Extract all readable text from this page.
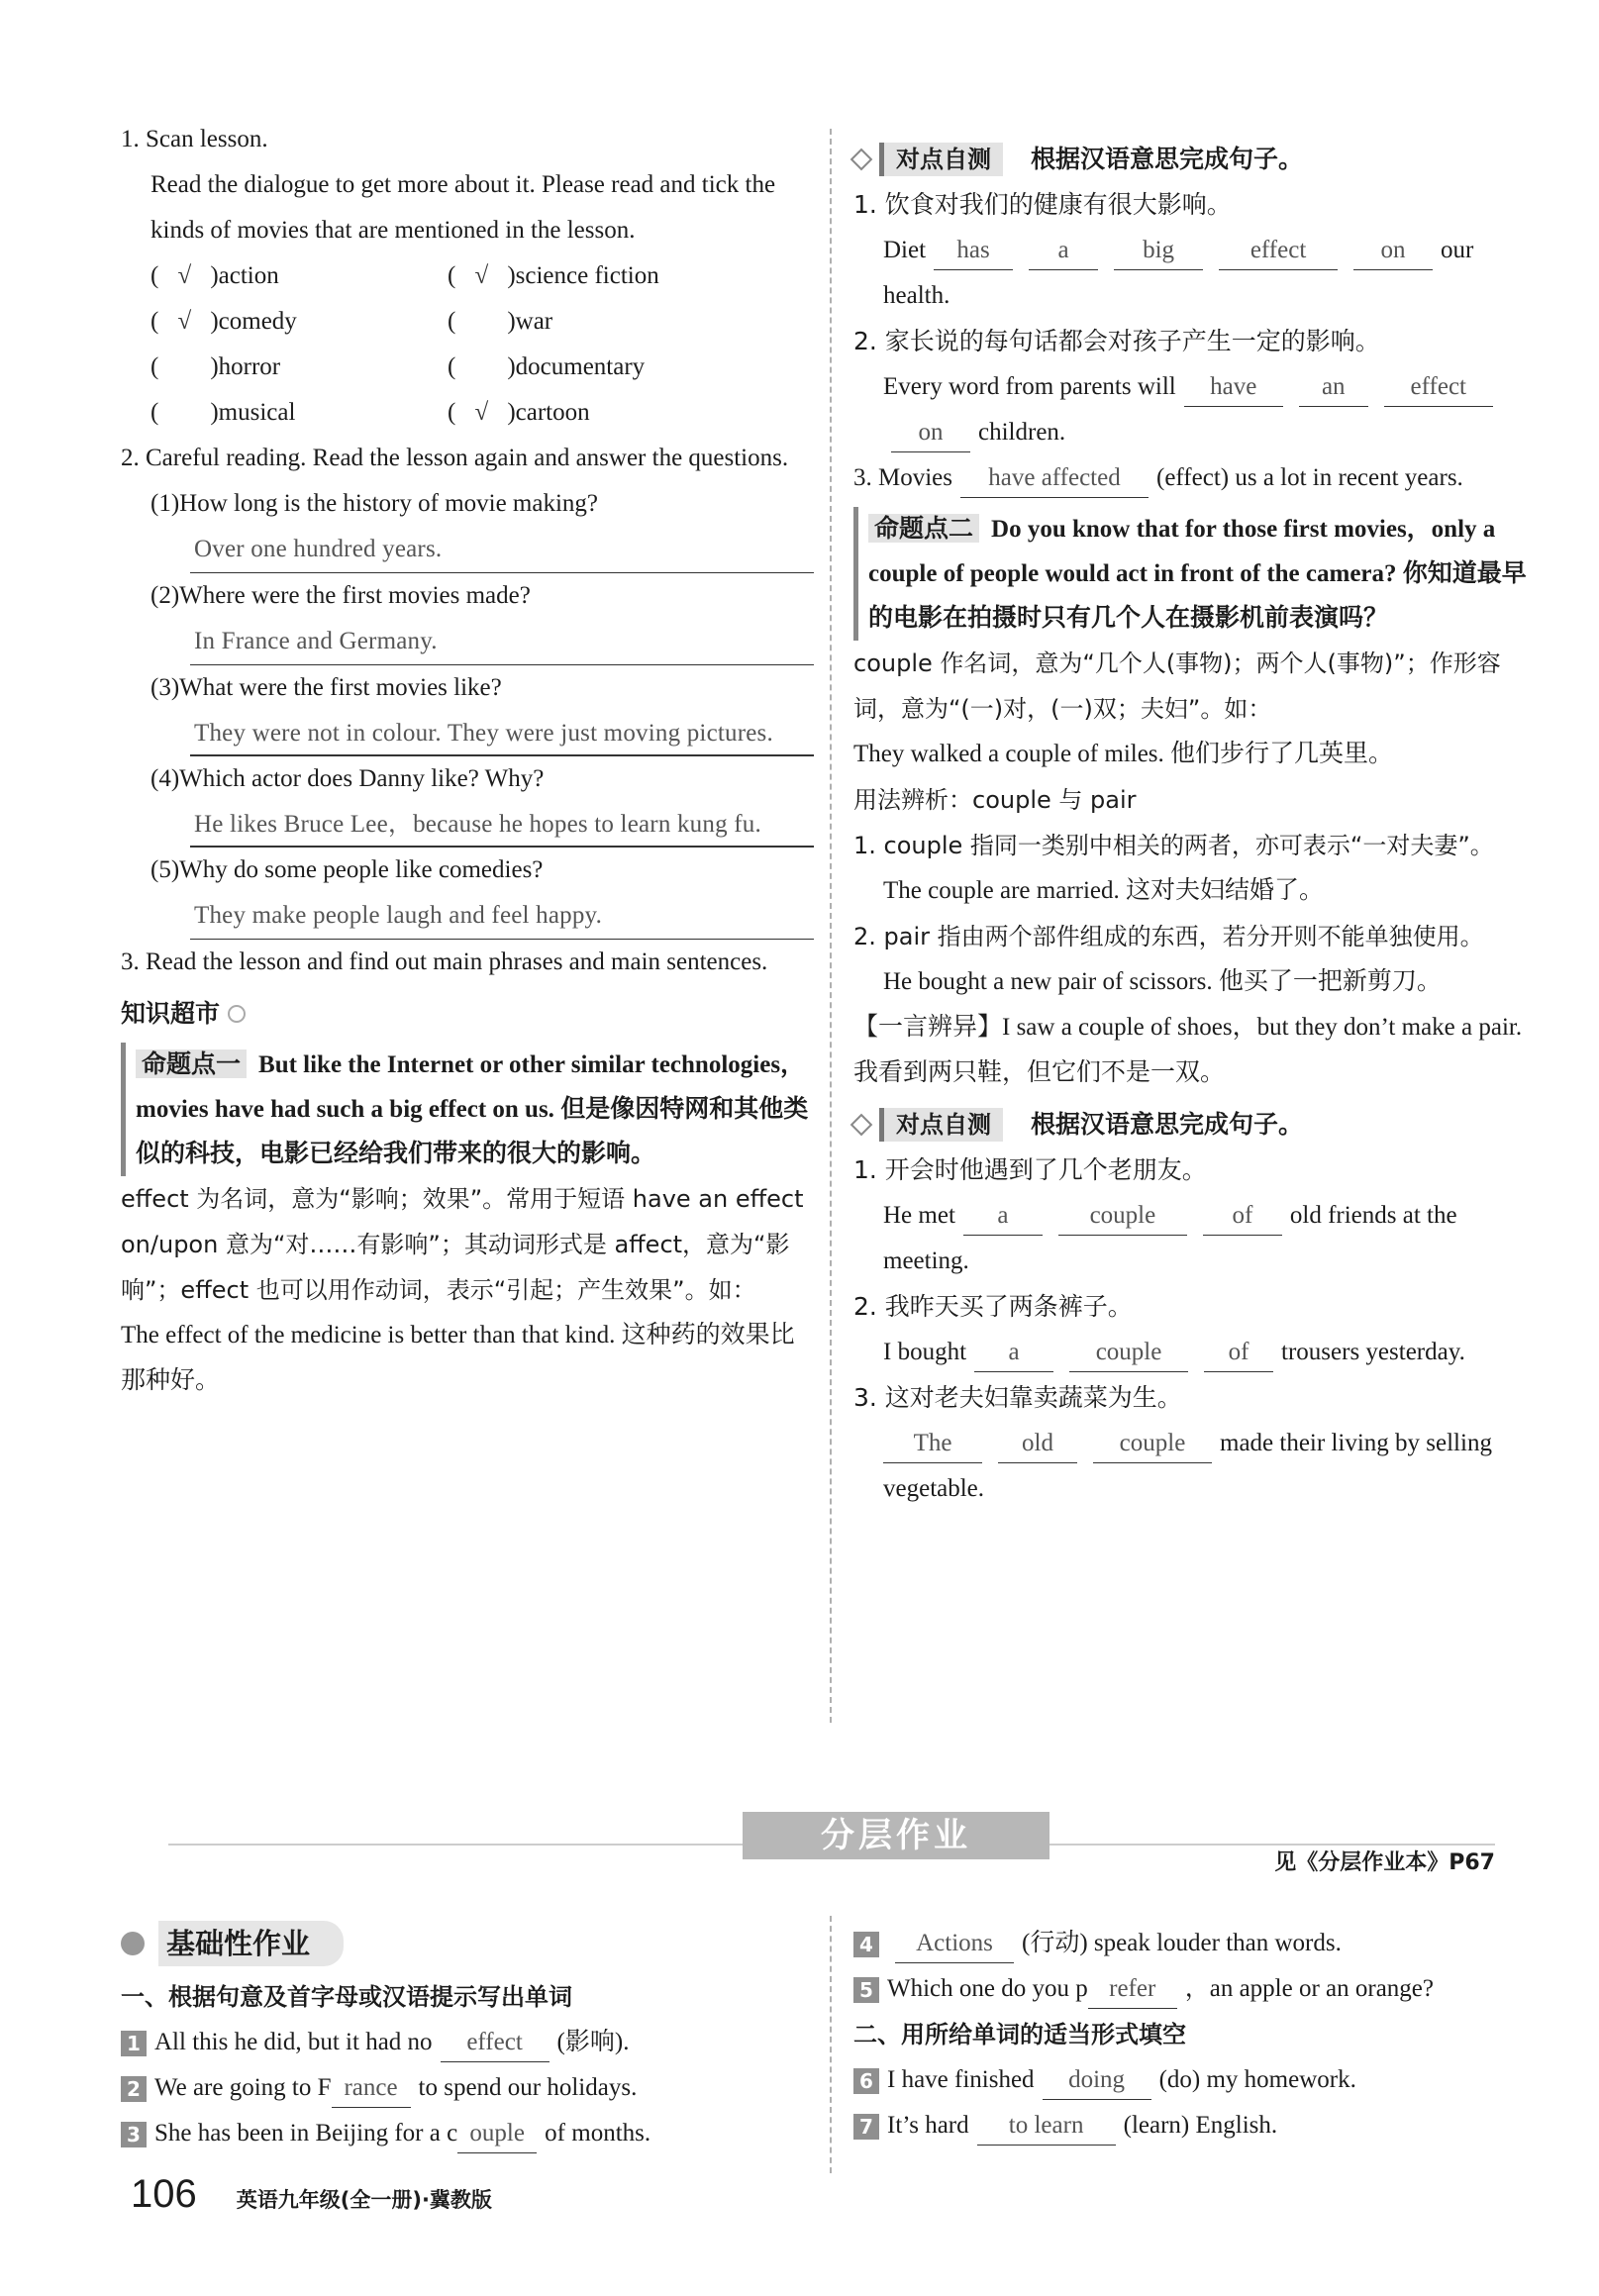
1. Scan lesson.

Read the dialogue to get more about it. Please read and tick the kinds of movies that are mentioned in the lesson.

( √ )action	( √ )science fiction
( √ )comedy	( )war
( )horror	( )documentary
( )musical	( √ )cartoon

2. Careful reading. Read the lesson again and answer the questions.

(1)How long is the history of movie making?

Over one hundred years.

(2)Where were the first movies made?

In France and Germany.

(3)What were the first movies like?

They were not in colour. They were just moving pictures.

(4)Which actor does Danny like? Why?

He likes Bruce Lee，because he hopes to learn kung fu.

(5)Why do some people like comedies?

They make people laugh and feel happy.

3. Read the lesson and find out main phrases and main sentences.

知识超市
命题点一 But like the Internet or other similar technologies，movies have had such a big effect on us. 但是像因特网和其他类似的科技，电影已经给我们带来的很大的影响。

effect 为名词，意为“影响；效果”。常用于短语 have an effect on/upon 意为“对……有影响”；其动词形式是 affect，意为“影响”；effect 也可以用作动词，表示“引起；产生效果”。如：

The effect of the medicine is better than that kind. 这种药的效果比那种好。

对点自测	根据汉语意思完成句子。

1. 饮食对我们的健康有很大影响。

Diet has	a	big	effect	on our health.

2. 家长说的每句话都会对孩子产生一定的影响。

Every word from parents will have	an	effecton children.

3. Movies have affected (effect) us a lot in recent years.

命题点二 Do you know that for those first movies，only a couple of people would act in front of the camera? 你知道最早的电影在拍摄时只有几个人在摄影机前表演吗？

couple 作名词，意为“几个人(事物)；两个人(事物)”；作形容词，意为“(一)对，(一)双；夫妇”。如：

They walked a couple of miles. 他们步行了几英里。

用法辨析：couple 与 pair

1. couple 指同一类别中相关的两者，亦可表示“一对夫妻”。

The couple are married. 这对夫妇结婚了。

2. pair 指由两个部件组成的东西，若分开则不能单独使用。

He bought a new pair of scissors. 他买了一把新剪刀。

【一言辨异】I saw a couple of shoes，but they don’t make a pair. 我看到两只鞋，但它们不是一双。

对点自测	根据汉语意思完成句子。

1. 开会时他遇到了几个老朋友。

He met a	couple	of old friends at the meeting.

2. 我昨天买了两条裤子。

I bought a	couple	of trousers yesterday.

3. 这对老夫妇靠卖蔬菜为生。

The	old	couple made their living by selling vegetable.

分层作业
见《分层作业本》P67
基础性作业

一、根据句意及首字母或汉语提示写出单词

1 All this he did, but it had no effect (影响).

2 We are going to F rance to spend our holidays.

3 She has been in Beijing for a c ouple of months.

4 Actions (行动) speak louder than words.

5 Which one do you p refer ，an apple or an orange?

二、用所给单词的适当形式填空

6 I have finished doing (do) my homework.

7 It’s hard to learn (learn) English.

106 英语九年级(全一册)·冀教版
